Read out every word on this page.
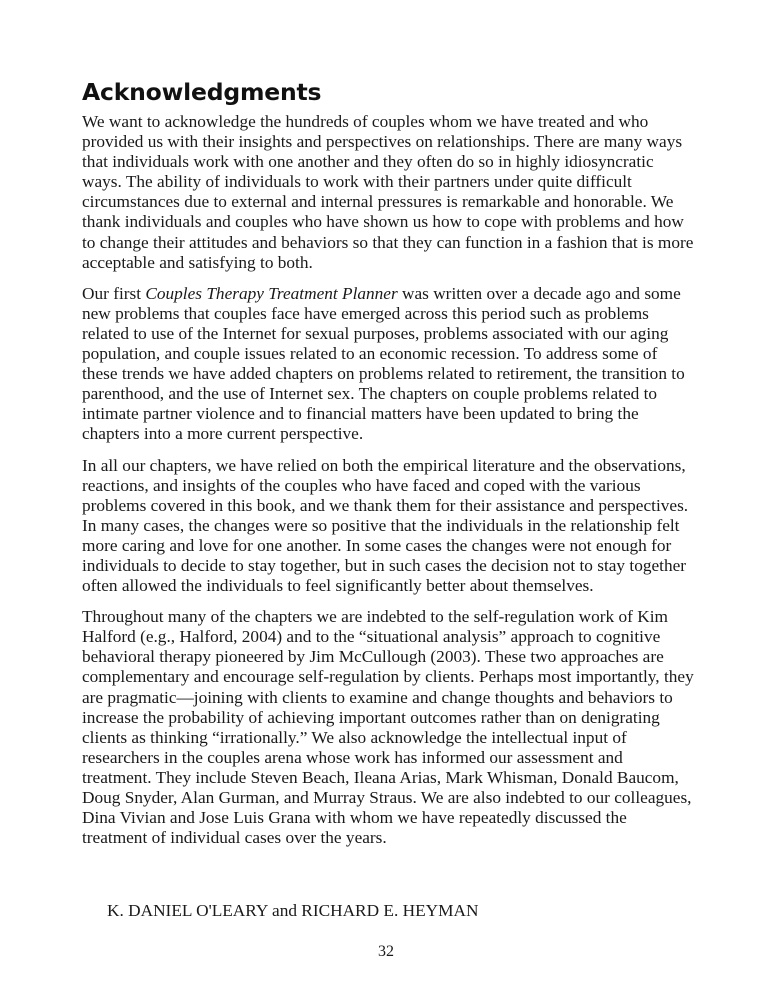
Acknowledgments

We want to acknowledge the hundreds of couples whom we have treated and who provided us with their insights and perspectives on relationships. There are many ways that individuals work with one another and they often do so in highly idiosyncratic ways. The ability of individuals to work with their partners under quite difficult circumstances due to external and internal pressures is remarkable and honorable. We thank individuals and couples who have shown us how to cope with problems and how to change their attitudes and behaviors so that they can function in a fashion that is more acceptable and satisfying to both.

Our first Couples Therapy Treatment Planner was written over a decade ago and some new problems that couples face have emerged across this period such as problems related to use of the Internet for sexual purposes, problems associated with our aging population, and couple issues related to an economic recession. To address some of these trends we have added chapters on problems related to retirement, the transition to parenthood, and the use of Internet sex. The chapters on couple problems related to intimate partner violence and to financial matters have been updated to bring the chapters into a more current perspective.

In all our chapters, we have relied on both the empirical literature and the observations, reactions, and insights of the couples who have faced and coped with the various problems covered in this book, and we thank them for their assistance and perspectives. In many cases, the changes were so positive that the individuals in the relationship felt more caring and love for one another. In some cases the changes were not enough for individuals to decide to stay together, but in such cases the decision not to stay together often allowed the individuals to feel significantly better about themselves.

Throughout many of the chapters we are indebted to the self-regulation work of Kim Halford (e.g., Halford, 2004) and to the “situational analysis” approach to cognitive behavioral therapy pioneered by Jim McCullough (2003). These two approaches are complementary and encourage self-regulation by clients. Perhaps most importantly, they are pragmatic—joining with clients to examine and change thoughts and behaviors to increase the probability of achieving important outcomes rather than on denigrating clients as thinking “irrationally.” We also acknowledge the intellectual input of researchers in the couples arena whose work has informed our assessment and treatment. They include Steven Beach, Ileana Arias, Mark Whisman, Donald Baucom, Doug Snyder, Alan Gurman, and Murray Straus. We are also indebted to our colleagues, Dina Vivian and Jose Luis Grana with whom we have repeatedly discussed the treatment of individual cases over the years.

K. DANIEL O'LEARY and RICHARD E. HEYMAN
32
